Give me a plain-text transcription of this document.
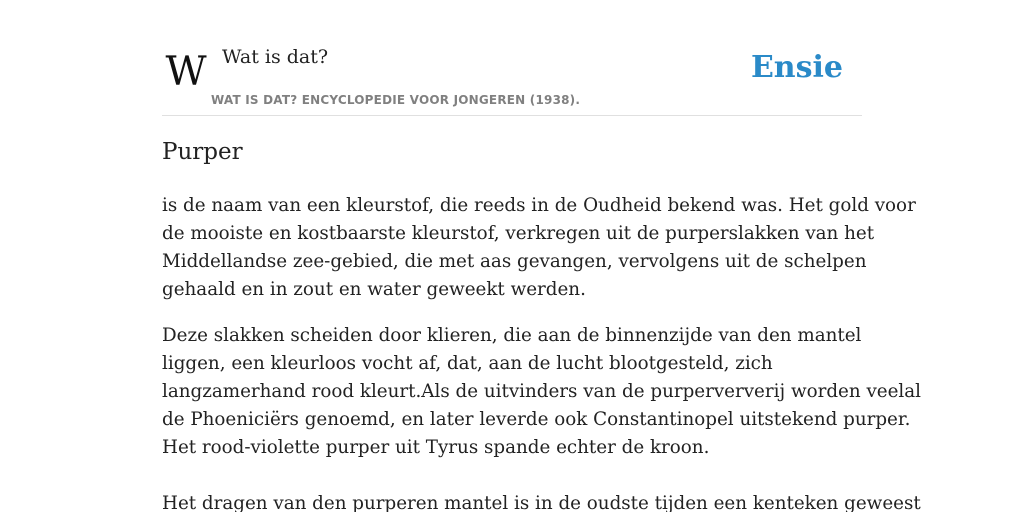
W Wat is dat?
WAT IS DAT? ENCYCLOPEDIE VOOR JONGEREN (1938).
Ensie
Purper

is de naam van een kleurstof, die reeds in de Oudheid bekend was. Het gold voor
de mooiste en kostbaarste kleurstof, verkregen uit de purperslakken van het
Middellandse zee-gebied, die met aas gevangen, vervolgens uit de schelpen
gehaald en in zout en water geweekt werden.

Deze slakken scheiden door klieren, die aan de binnenzijde van den mantel
liggen, een kleurloos vocht af, dat, aan de lucht blootgesteld, zich
langzamerhand rood kleurt.Als de uitvinders van de purperververij worden veelal
de Phoeniciërs genoemd, en later leverde ook Constantinopel uitstekend purper.
Het rood-violette purper uit Tyrus spande echter de kroon.

Het dragen van den purperen mantel is in de oudste tijden een kenteken geweest
